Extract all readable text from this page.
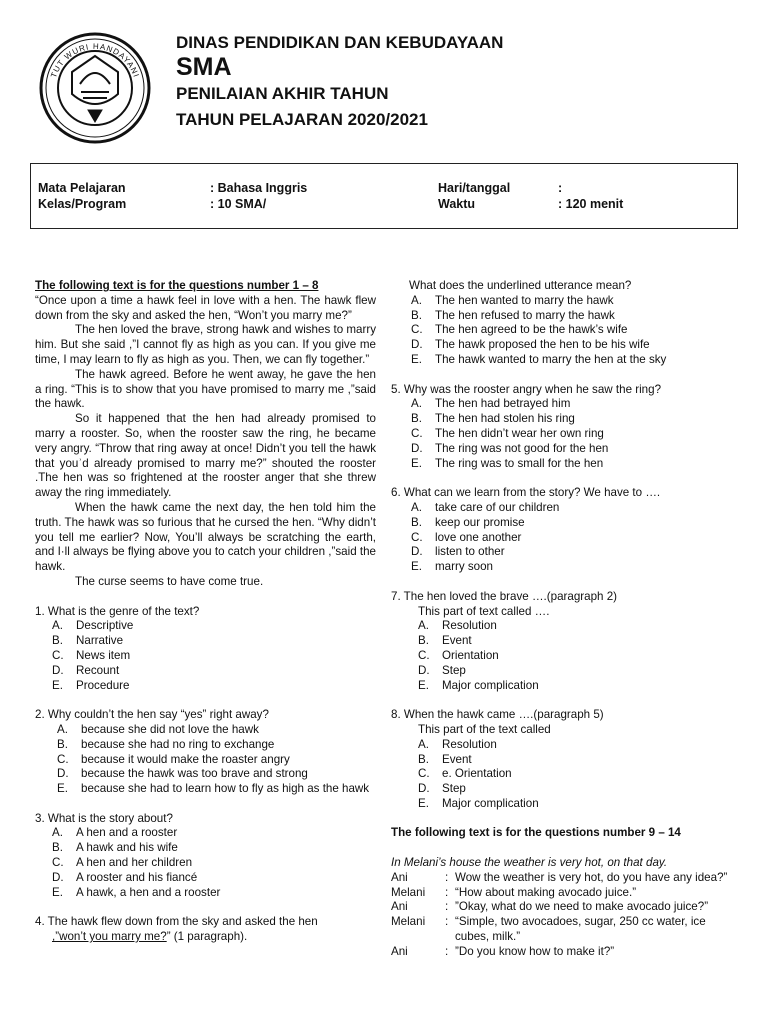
TUT WURI HANDAYANI
DINAS PENDIDIKAN DAN KEBUDAYAAN
SMA
PENILAIAN AKHIR TAHUN
TAHUN PELAJARAN 2020/2021
Mata Pelajaran	: Bahasa Inggris	Hari/tanggal	:
Kelas/Program	: 10 SMA/	Waktu	: 120 menit

The following text is for the questions number 1 – 8

“Once upon a time a hawk feel in love with a hen. The hawk flew down from the sky and asked the hen, “Won’t you marry me?”

The hen loved the brave, strong hawk and wishes to marry him. But she said ,”I cannot fly as high as you can. If you give me time, I may learn to fly as high as you. Then, we can fly together.”

The hawk agreed. Before he went away, he gave the hen a ring. “This is to show that you have promised to marry me ,”said the hawk.

So it happened that the hen had already promised to marry a rooster. So, when the rooster saw the ring, he became very angry. “Throw that ring away at once! Didn’t you tell the hawk that youʾd already promised to marry me?” shouted the rooster .The hen was so frightened at the rooster anger that she threw away the ring immediately.

When the hawk came the next day, the hen told him the truth. The hawk was so furious that he cursed the hen. “Why didn’t you tell me earlier? Now, You’ll always be scratching the earth, and I·ll always be flying above you to catch your children ,”said the hawk.

The curse seems to have come true.

1. What is the genre of the text?

A.	Descriptive
B.	Narrative
C.	News item
D.	Recount
E.	Procedure

2. Why couldn’t the hen say “yes” right away?

A.	because she did not love the hawk
B.	because she had no ring to exchange
C.	because it would make the roaster angry
D.	because the hawk was too brave and strong
E.	because she had to learn how to fly as high as the hawk

3. What is the story about?

A.	A hen and a rooster
B.	A hawk and his wife
C.	A hen and her children
D.	A rooster and his fiancé
E.	A hawk, a hen and a rooster

4. The hawk flew down from the sky and asked the hen
,”won’t you marry me?” (1 paragraph).

What does the underlined utterance mean?

A.	The hen wanted to marry the hawk
B.	The hen refused to marry the hawk
C.	The hen agreed to be the hawk’s wife
D.	The hawk proposed the hen to be his wife
E.	The hawk wanted to marry the hen at the sky

5. Why was the rooster angry when he saw the ring?

A.	The hen had betrayed him
B.	The hen had stolen his ring
C.	The hen didn’t wear her own ring
D.	The ring was not good for the hen
E.	The ring was to small for the hen

6. What can we learn from the story? We have to ….

A.	take care of our children
B.	keep our promise
C.	love one another
D.	listen to other
E.	marry soon

7. The hen loved the brave ….(paragraph 2)

This part of text called ….

A.	Resolution
B.	Event
C.	Orientation
D.	Step
E.	Major complication

8. When the hawk came ….(paragraph 5)

This part of the text called

A.	Resolution
B.	Event
C.	e. Orientation
D.	Step
E.	Major complication

The following text is for the questions number 9 – 14

In Melani’s house the weather is very hot, on that day.

Ani	: Wow the weather is very hot, do you have any idea?”
Melani	: “How about making avocado juice.”
Ani	: ”Okay, what do we need to make avocado juice?”
Melani	: “Simple, two avocadoes, sugar, 250 cc water, ice cubes, milk.”
Ani	: ”Do you know how to make it?”
